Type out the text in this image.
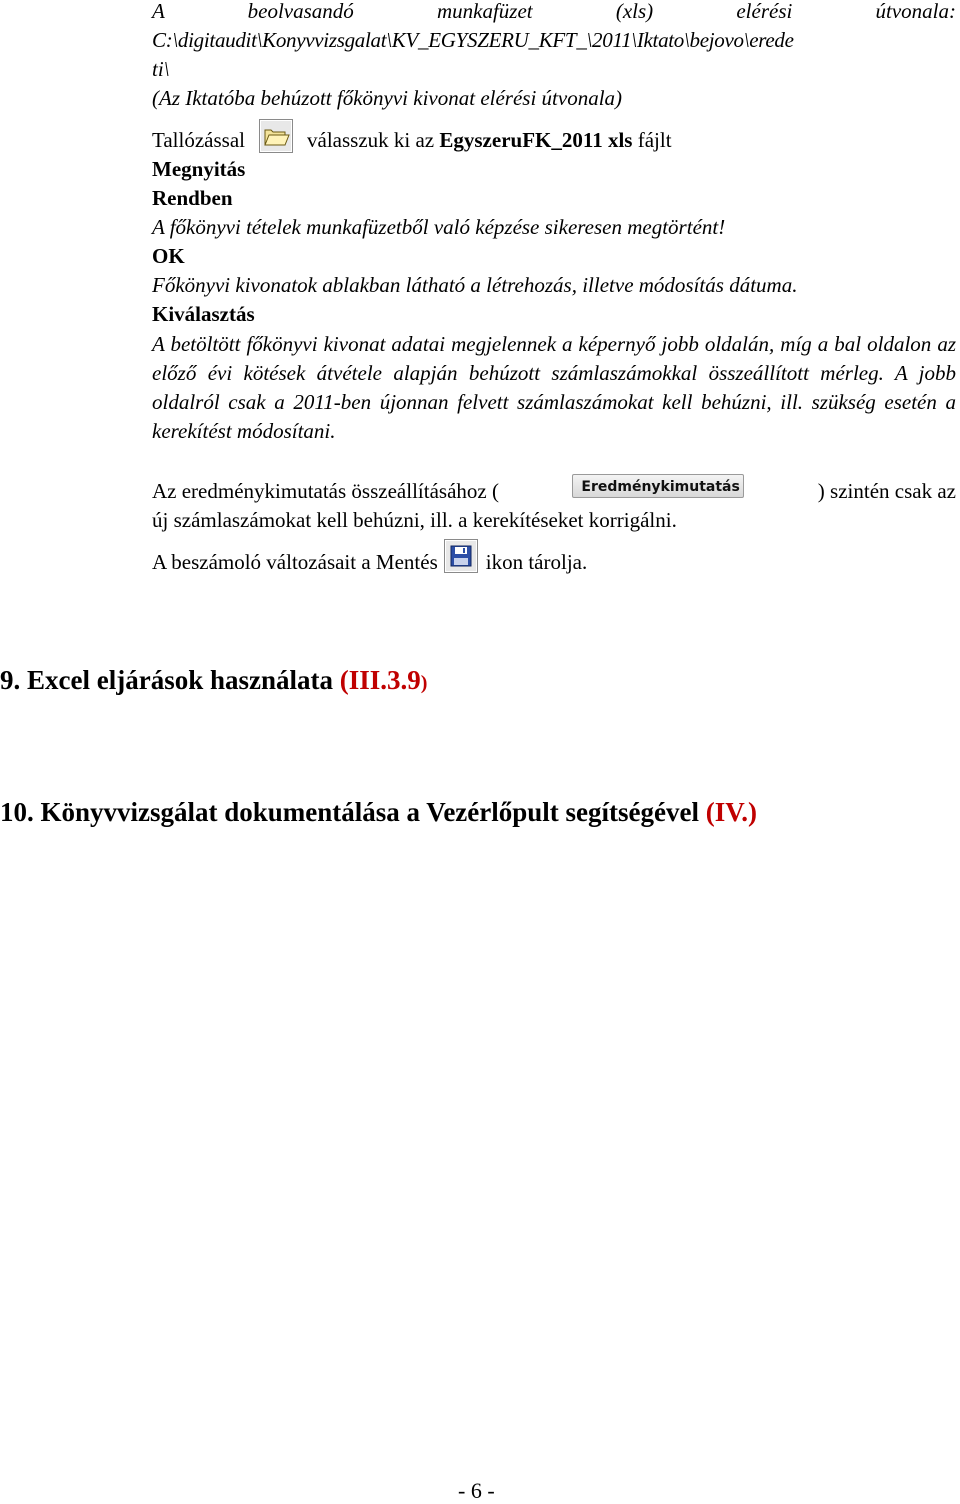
A	beolvasandó	munkafüzet	(xls)	elérési	útvonala:
C:\digitaudit\Konyvvizsgalat\KV_EGYSZERU_KFT_\2011\Iktato\bejovo\erede
ti\
(Az Iktatóba behúzott főkönyvi kivonat elérési útvonala)
Tallózással	válasszuk ki az EgyszeruFK_2011 xls fájlt
Megnyitás
Rendben
A főkönyvi tételek munkafüzetből való képzése sikeresen megtörtént!
OK
Főkönyvi kivonatok ablakban látható a létrehozás, illetve módosítás dátuma.
Kiválasztás
A betöltött főkönyvi kivonat adatai megjelennek a képernyő jobb oldalán, míg a bal oldalon az előző évi kötések átvétele alapján behúzott számlaszámokkal összeállított mérleg. A jobb oldalról csak a 2011-ben újonnan felvett számlaszámokat kell behúzni, ill. szükség esetén a kerekítést módosítani.
Az eredménykimutatás összeállításához (	Eredménykimutatás	) szintén csak az
új számlaszámokat kell behúzni, ill. a kerekítéseket korrigálni.
A beszámoló változásait a Mentés ikon tárolja.
9. Excel eljárások használata (III.3.9)
10. Könyvvizsgálat dokumentálása a Vezérlőpult segítségével (IV.)
- 6 -
